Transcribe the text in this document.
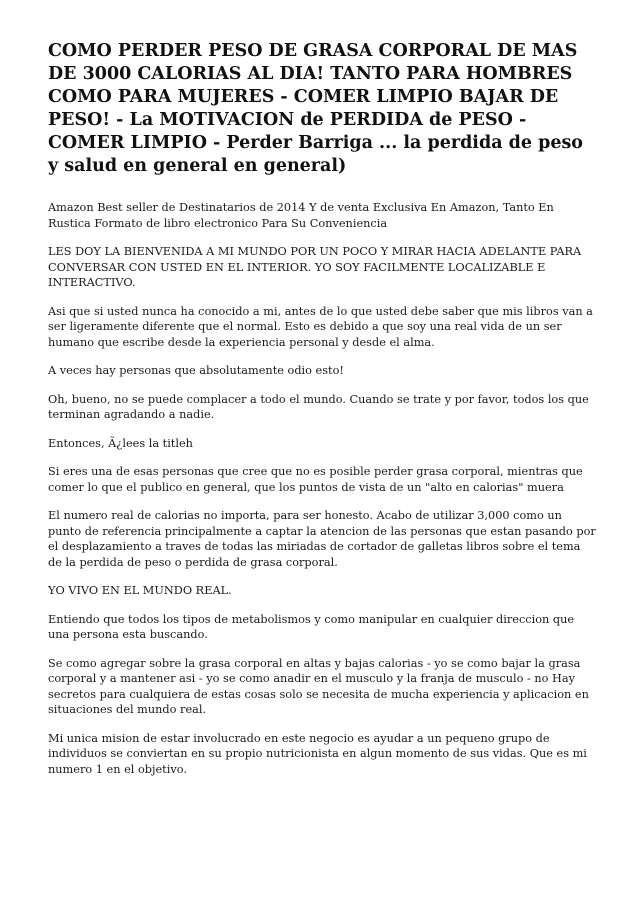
COMO PERDER PESO DE GRASA CORPORAL DE MAS DE 3000 CALORIAS AL DIA! TANTO PARA HOMBRES COMO PARA MUJERES - COMER LIMPIO BAJAR DE PESO! - La MOTIVACION de PERDIDA de PESO - COMER LIMPIO - Perder Barriga ... la perdida de peso y salud en general en general)

Amazon Best seller de Destinatarios de 2014 Y de venta Exclusiva En Amazon, Tanto En Rustica Formato de libro electronico Para Su Conveniencia

LES DOY LA BIENVENIDA A MI MUNDO POR UN POCO Y MIRAR HACIA ADELANTE PARA CONVERSAR CON USTED EN EL INTERIOR. YO SOY FACILMENTE LOCALIZABLE E INTERACTIVO.

Asi que si usted nunca ha conocido a mi, antes de lo que usted debe saber que mis libros van a ser ligeramente diferente que el normal. Esto es debido a que soy una real vida de un ser humano que escribe desde la experiencia personal y desde el alma.

A veces hay personas que absolutamente odio esto!

Oh, bueno, no se puede complacer a todo el mundo. Cuando se trate y por favor, todos los que terminan agradando a nadie.

Entonces, Ã¿lees la titleh

Si eres una de esas personas que cree que no es posible perder grasa corporal, mientras que comer lo que el publico en general, que los puntos de vista de un "alto en calorias" muera

El numero real de calorias no importa, para ser honesto. Acabo de utilizar 3,000 como un punto de referencia principalmente a captar la atencion de las personas que estan pasando por el desplazamiento a traves de todas las miriadas de cortador de galletas libros sobre el tema de la perdida de peso o perdida de grasa corporal.

YO VIVO EN EL MUNDO REAL.

Entiendo que todos los tipos de metabolismos y como manipular en cualquier direccion que una persona esta buscando.

Se como agregar sobre la grasa corporal en altas y bajas calorias - yo se como bajar la grasa corporal y a mantener asi - yo se como anadir en el musculo y la franja de musculo - no Hay secretos para cualquiera de estas cosas solo se necesita de mucha experiencia y aplicacion en situaciones del mundo real.

Mi unica mision de estar involucrado en este negocio es ayudar a un pequeno grupo de individuos se conviertan en su propio nutricionista en algun momento de sus vidas. Que es mi numero 1 en el objetivo.
